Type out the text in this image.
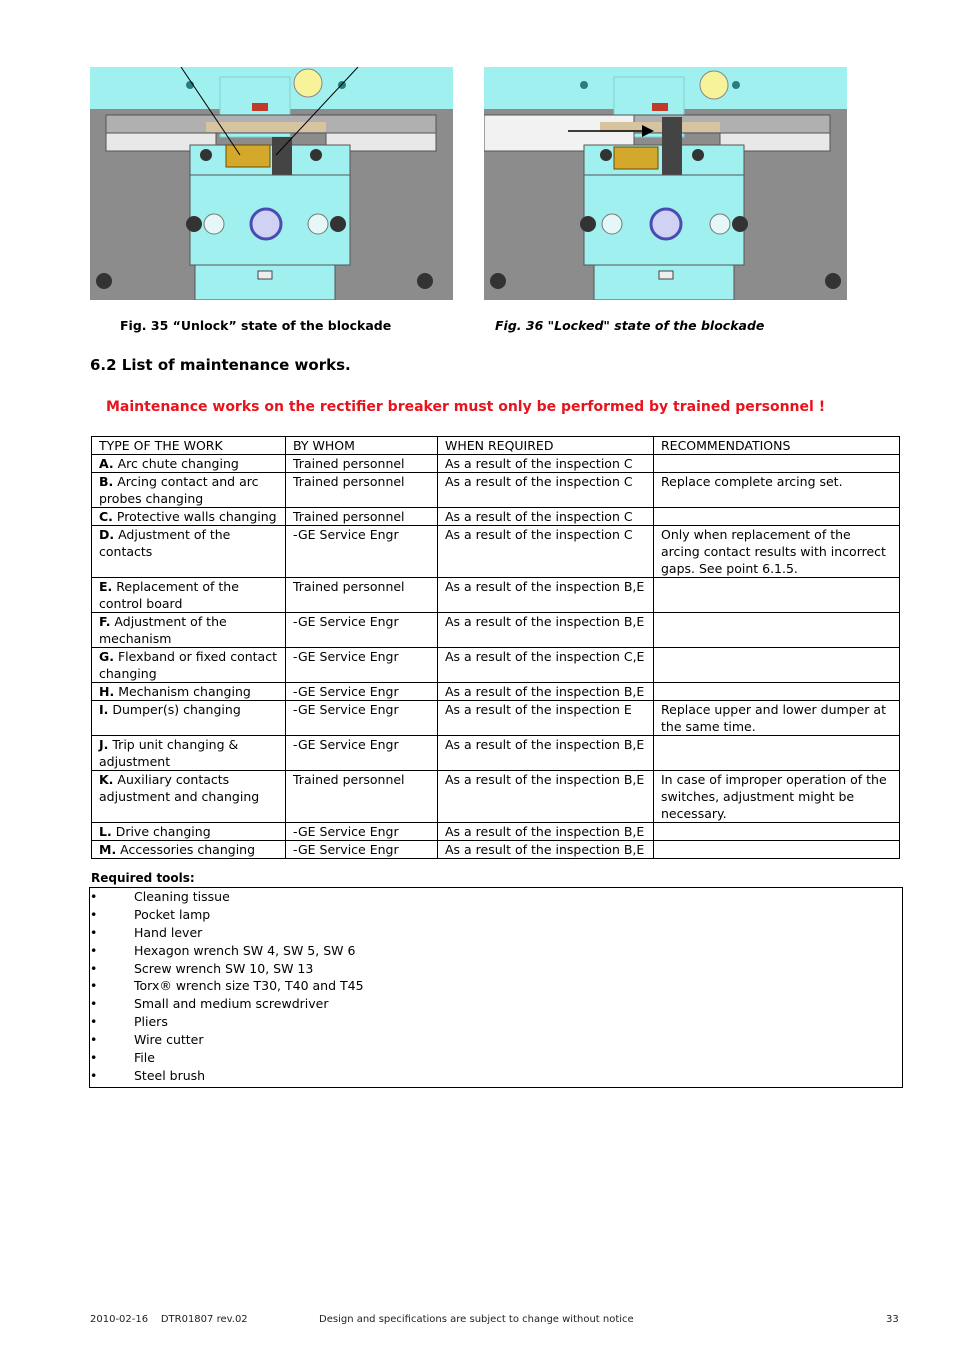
Fig. 35 “Unlock” state of the blockade	Fig. 36 "Locked" state of the blockade
6.2 List of maintenance works.
Maintenance works on the rectifier breaker must only be performed by trained personnel !
TYPE OF THE WORK	BY WHOM	WHEN REQUIRED	RECOMMENDATIONS
A. Arc chute changing	Trained personnel	As a result of the inspection C	
B. Arcing contact and arc probes changing	Trained personnel	As a result of the inspection C	Replace complete arcing set.
C. Protective walls changing	Trained personnel	As a result of the inspection C	
D. Adjustment of the contacts	-GE Service Engr	As a result of the inspection C	Only when replacement of the arcing contact results with incorrect gaps. See point 6.1.5.
E. Replacement of the control board	Trained personnel	As a result of the inspection B,E	
F. Adjustment of the mechanism	-GE Service Engr	As a result of the inspection B,E	
G. Flexband or fixed contact changing	-GE Service Engr	As a result of the inspection C,E	
H. Mechanism changing	-GE Service Engr	As a result of the inspection B,E	
I. Dumper(s) changing	-GE Service Engr	As a result of the inspection E	Replace upper and lower dumper at the same time.
J. Trip unit changing & adjustment	-GE Service Engr	As a result of the inspection B,E	
K. Auxiliary contacts adjustment and changing	Trained personnel	As a result of the inspection B,E	In case of improper operation of the switches, adjustment might be necessary.
L. Drive changing	-GE Service Engr	As a result of the inspection B,E	
M. Accessories changing	-GE Service Engr	As a result of the inspection B,E	
Required tools:
•	Cleaning tissue
•	Pocket lamp
•	Hand lever
•	Hexagon wrench SW 4, SW 5, SW 6
•	Screw wrench SW 10, SW 13
•	Torx® wrench size T30, T40 and T45
•	Small and medium screwdriver
•	Pliers
•	Wire cutter
•	File
•	Steel brush
2010-02-16    DTR01807 rev.02	Design and specifications are subject to change without notice	33
